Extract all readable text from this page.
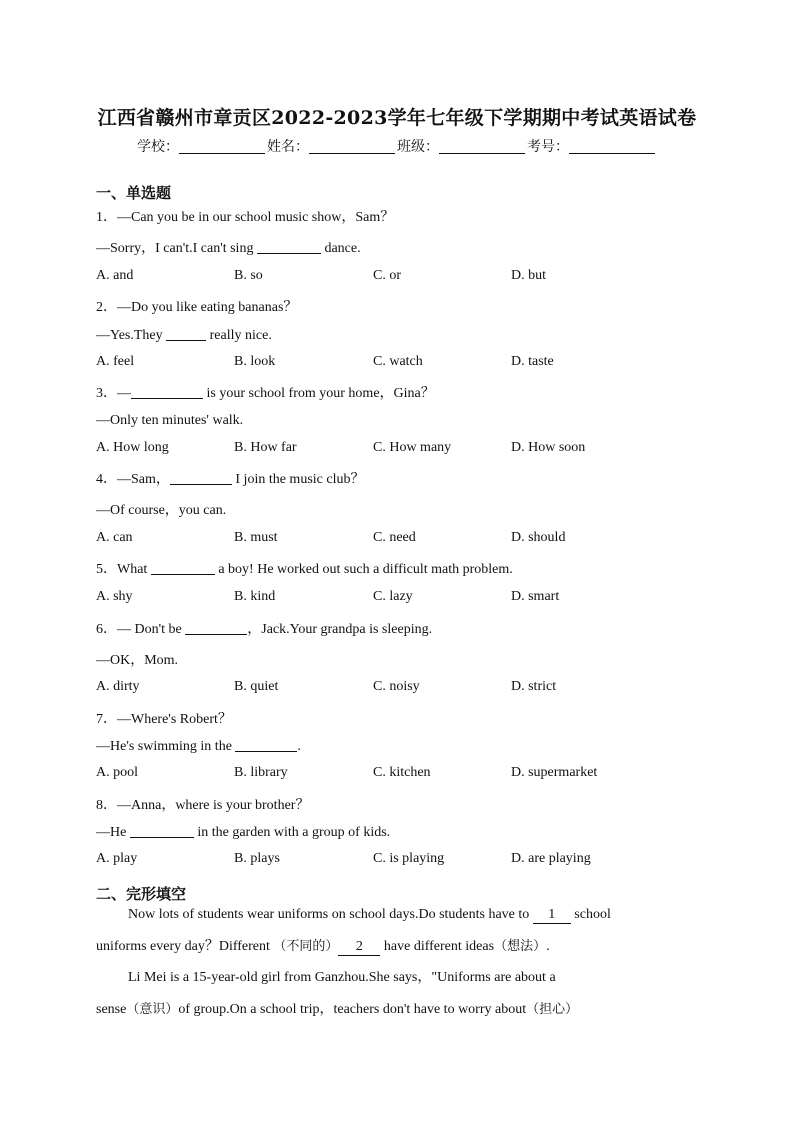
江西省赣州市章贡区2022-2023学年七年级下学期期中考试英语试卷
学校：	姓名：	班级：	考号：
一、单选题
1．—Can you be in our school music show，Sam？
—Sorry，I can't.I can't sing	dance.
A. and	B. so	C. or	D. but
2．—Do you like eating bananas？
—Yes.They	really nice.
A. feel	B. look	C. watch	D. taste
3．—	is your school from your home，Gina？
—Only ten minutes' walk.
A. How long	B. How far	C. How many	D. How soon
4．—Sam，	I join the music club？
—Of course，you can.
A. can	B. must	C. need	D. should
5．What	a boy! He worked out such a difficult math problem.
A. shy	B. kind	C. lazy	D. smart
6．— Don't be	，Jack.Your grandpa is sleeping.
—OK，Mom.
A. dirty	B. quiet	C. noisy	D. strict
7．—Where's Robert？
—He's swimming in the	.
A. pool	B. library	C. kitchen	D. supermarket
8．—Anna，where is your brother？
—He	in the garden with a group of kids.
A. play	B. plays	C. is playing	D. are playing
二、完形填空
Now lots of students wear uniforms on school days.Do students have to 1 school
uniforms every day？Different （不同的） 2 have different ideas（想法）.
Li Mei is a 15-year-old girl from Ganzhou.She says，"Uniforms are about a
sense（意识）of group.On a school trip，teachers don't have to worry about（担心）
